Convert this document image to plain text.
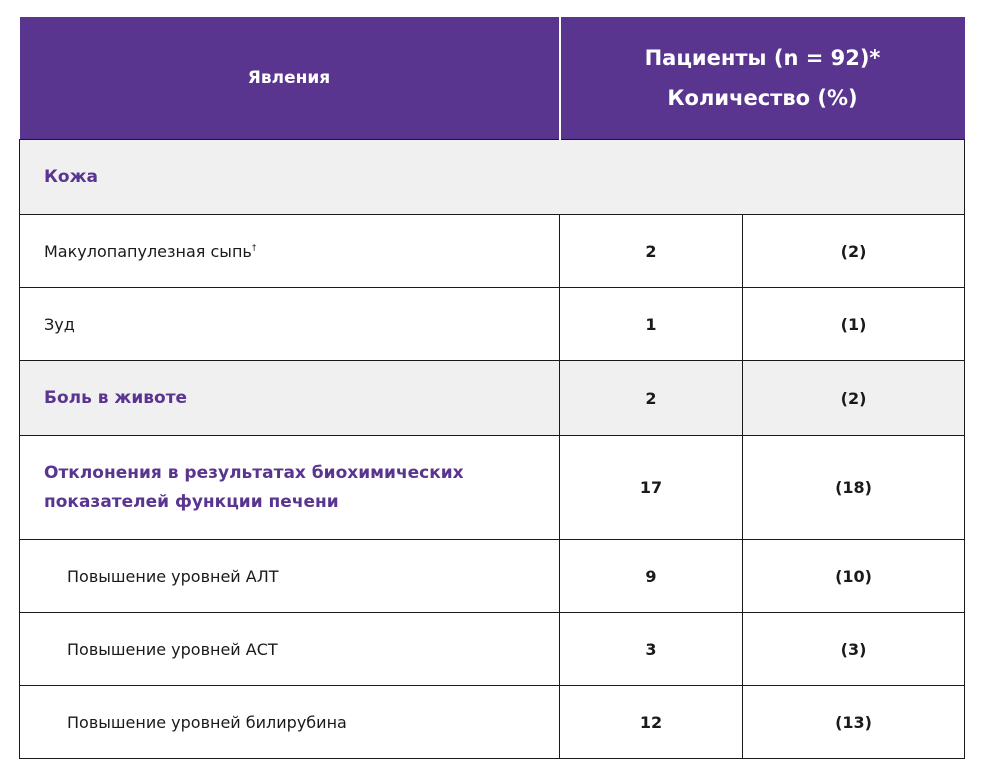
Явления	Пациенты (n = 92)*
Количество (%)	

Кожа		
Макулопапулезная сыпь†	2	(2)
Зуд	1	(1)
Боль в животе	2	(2)

Отклонения в результатах биохимических
показателей функции печени	17	(18)
Повышение уровней АЛТ	9	(10)
Повышение уровней АСТ	3	(3)
Повышение уровней билирубина	12	(13)
